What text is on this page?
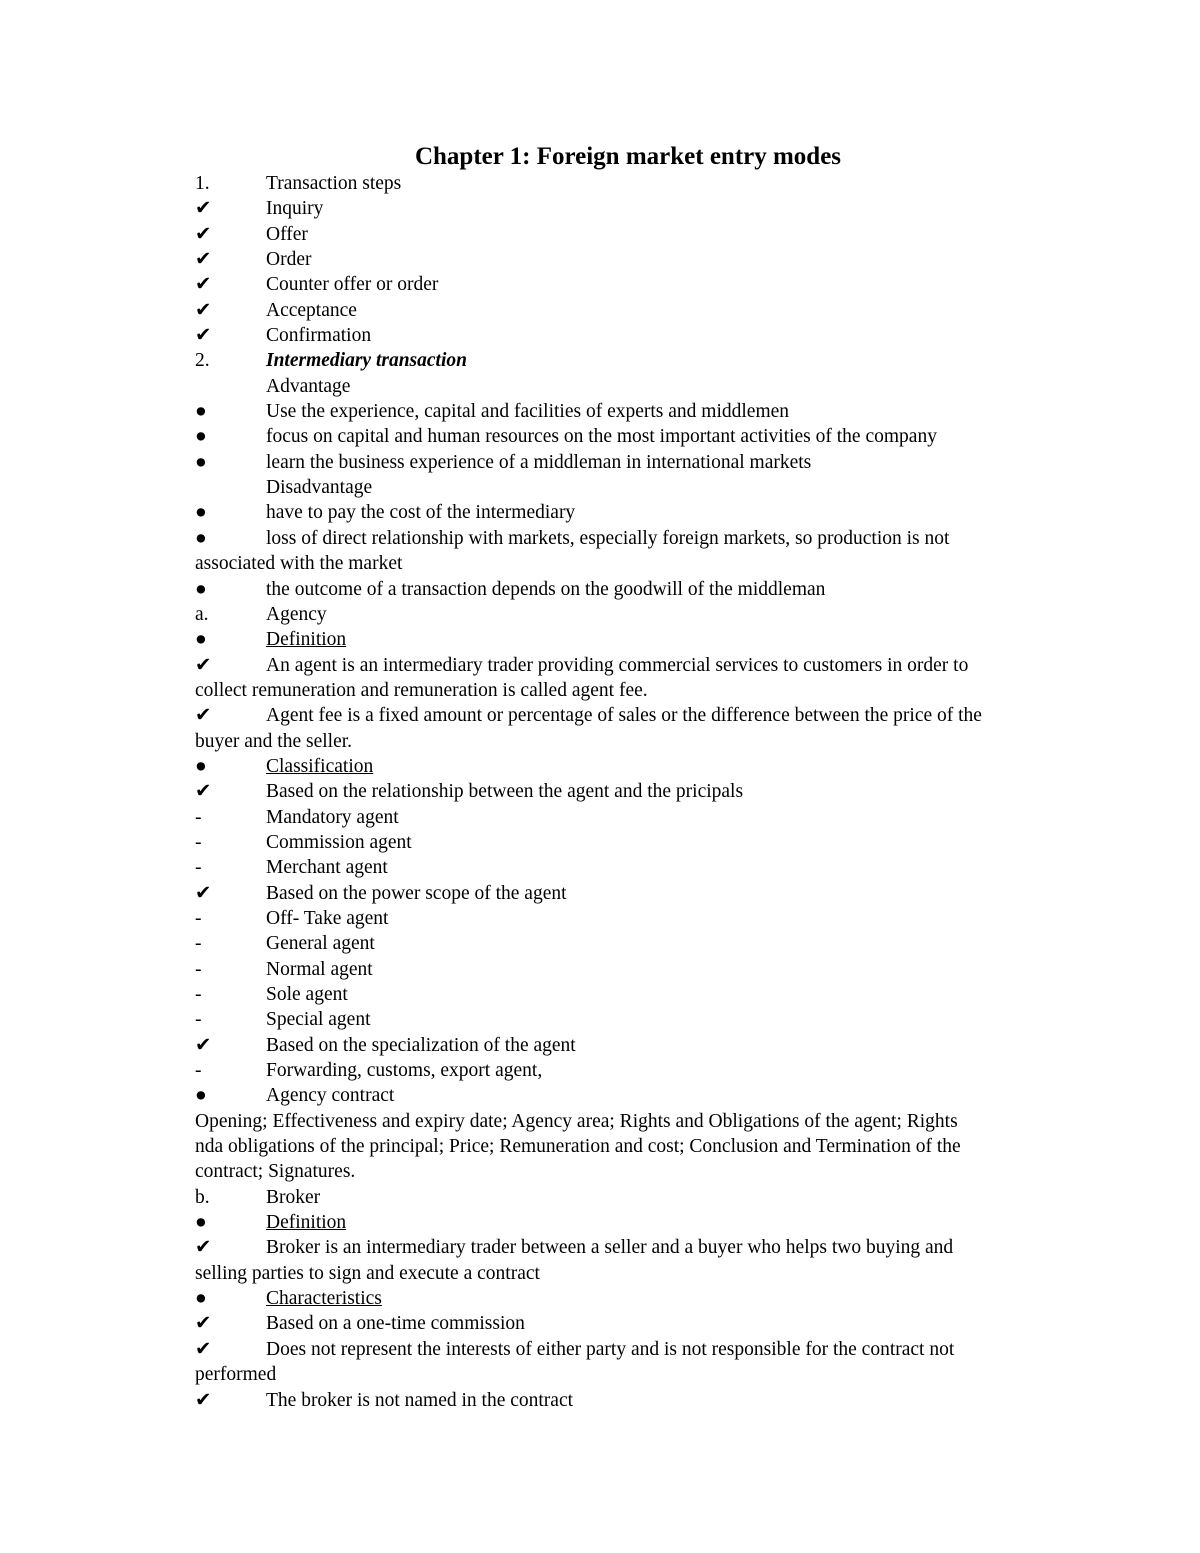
Chapter 1: Foreign market entry modes
1.	Transaction steps
✔	Inquiry
✔	Offer
✔	Order
✔	Counter offer or order
✔	Acceptance
✔	Confirmation
2.	Intermediary transaction
Advantage
●	Use the experience, capital and facilities of experts and middlemen
●	focus on capital and human resources on the most important activities of the company
●	learn the business experience of a middleman in international markets
Disadvantage
●	have to pay the cost of the intermediary
●	loss of direct relationship with markets, especially foreign markets, so production is not
associated with the market
●	the outcome of a transaction depends on the goodwill of the middleman
a.	Agency
●	Definition
✔	An agent is an intermediary trader providing commercial services to customers in order to
collect remuneration and remuneration is called agent fee.
✔	Agent fee is a fixed amount or percentage of sales or the difference between the price of the
buyer and the seller.
●	Classification
✔	Based on the relationship between the agent and the pricipals
-	Mandatory agent
-	Commission agent
-	Merchant agent
✔	Based on the power scope of the agent
-	Off- Take agent
-	General agent
-	Normal agent
-	Sole agent
-	Special agent
✔	Based on the specialization of the agent
-	Forwarding, customs, export agent,
●	Agency contract
Opening; Effectiveness and expiry date; Agency area; Rights and Obligations of the agent; Rights
nda obligations of the principal; Price; Remuneration and cost; Conclusion and Termination of the
contract; Signatures.
b.	Broker
●	Definition
✔	Broker is an intermediary trader between a seller and a buyer who helps two buying and
selling parties to sign and execute a contract
●	Characteristics
✔	Based on a one-time commission
✔	Does not represent the interests of either party and is not responsible for the contract not
performed
✔	The broker is not named in the contract
